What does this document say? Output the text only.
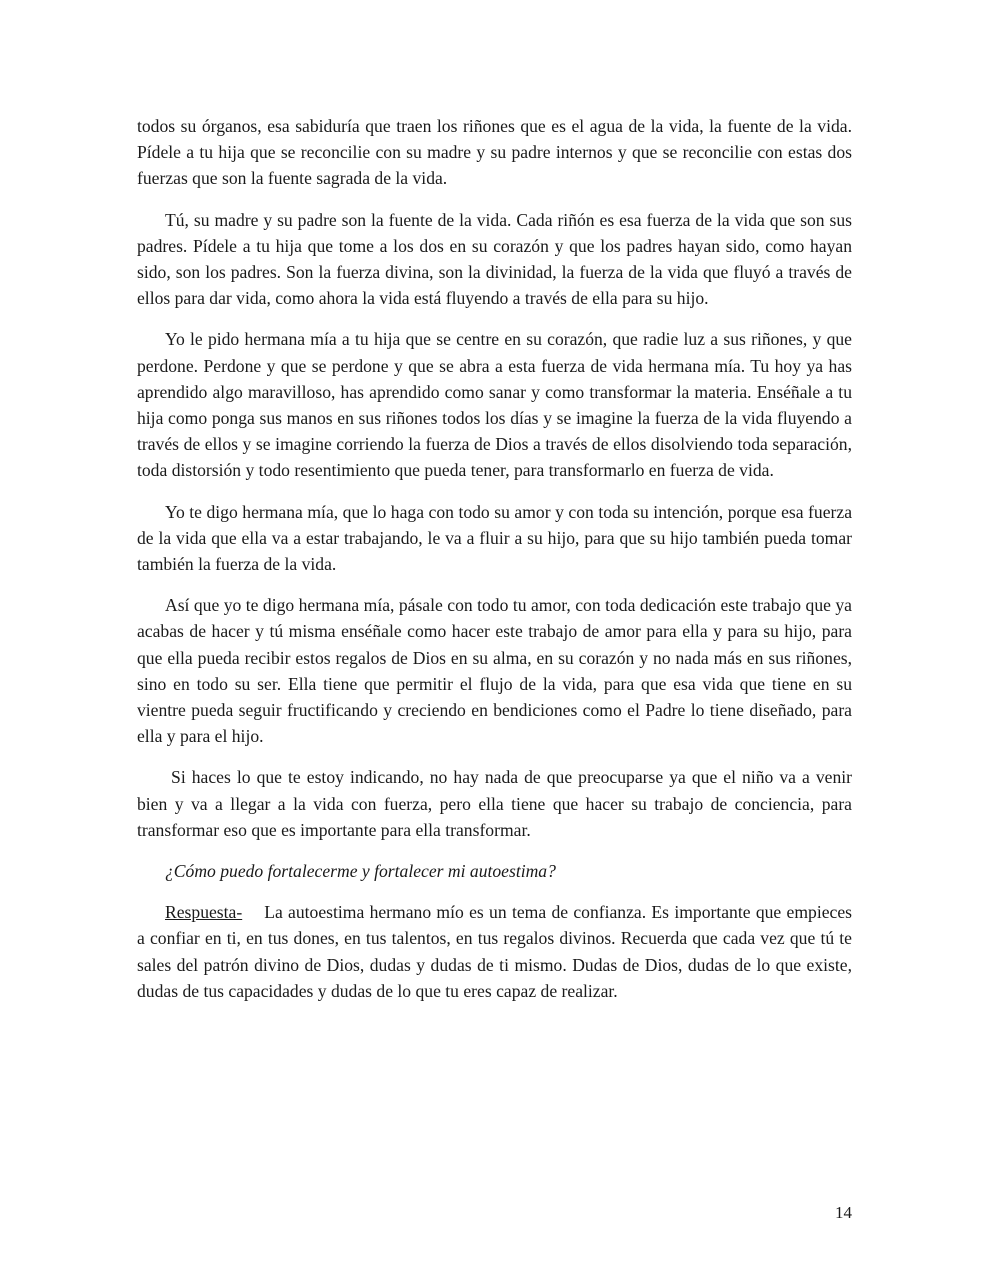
todos su órganos, esa sabiduría que traen los riñones que es el agua de la vida, la fuente de la vida. Pídele a tu hija que se reconcilie con su madre y su padre internos y que se reconcilie con estas dos fuerzas que son la fuente sagrada de la vida.

Tú, su madre y su padre son la fuente de la vida. Cada riñón es esa fuerza de la vida que son sus padres. Pídele a tu hija que tome a los dos en su corazón y que los padres hayan sido, como hayan sido, son los padres. Son la fuerza divina, son la divinidad, la fuerza de la vida que fluyó a través de ellos para dar vida, como ahora la vida está fluyendo a través de ella para su hijo.

Yo le pido hermana mía a tu hija que se centre en su corazón, que radie luz a sus riñones, y que perdone. Perdone y que se perdone y que se abra a esta fuerza de vida hermana mía. Tu hoy ya has aprendido algo maravilloso, has aprendido como sanar y como transformar la materia. Enséñale a tu hija como ponga sus manos en sus riñones todos los días y se imagine la fuerza de la vida fluyendo a través de ellos y se imagine corriendo la fuerza de Dios a través de ellos disolviendo toda separación, toda distorsión y todo resentimiento que pueda tener, para transformarlo en fuerza de vida.

Yo te digo hermana mía, que lo haga con todo su amor y con toda su intención, porque esa fuerza de la vida que ella va a estar trabajando, le va a fluir a su hijo, para que su hijo también pueda tomar también la fuerza de la vida.

Así que yo te digo hermana mía, pásale con todo tu amor, con toda dedicación este trabajo que ya acabas de hacer y tú misma enséñale como hacer este trabajo de amor para ella y para su hijo, para que ella pueda recibir estos regalos de Dios en su alma, en su corazón y no nada más en sus riñones, sino en todo su ser. Ella tiene que permitir el flujo de la vida, para que esa vida que tiene en su vientre pueda seguir fructificando y creciendo en bendiciones como el Padre lo tiene diseñado, para ella y para el hijo.

Si haces lo que te estoy indicando, no hay nada de que preocuparse ya que el niño va a venir bien y va a llegar a la vida con fuerza, pero ella tiene que hacer su trabajo de conciencia, para transformar eso que es importante para ella transformar.

¿Cómo puedo fortalecerme y fortalecer mi autoestima?

Respuesta- La autoestima hermano mío es un tema de confianza. Es importante que empieces a confiar en ti, en tus dones, en tus talentos, en tus regalos divinos. Recuerda que cada vez que tú te sales del patrón divino de Dios, dudas y dudas de ti mismo. Dudas de Dios, dudas de lo que existe, dudas de tus capacidades y dudas de lo que tu eres capaz de realizar.

14
